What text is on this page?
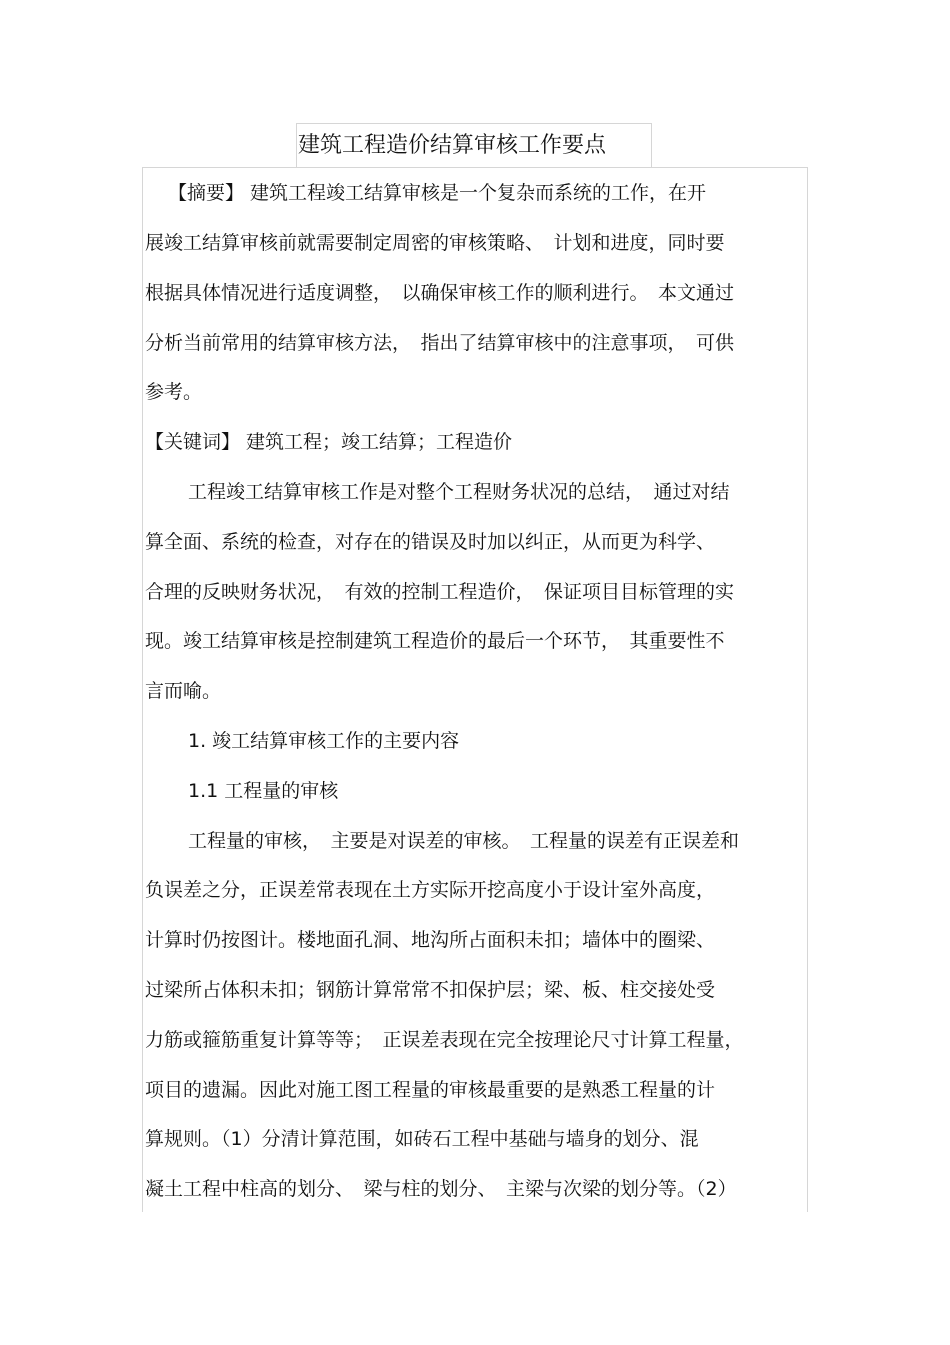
建筑工程造价结算审核工作要点
【摘要】 建筑工程竣工结算审核是一个复杂而系统的工作，在开
展竣工结算审核前就需要制定周密的审核策略、　计划和进度，同时要
根据具体情况进行适度调整，　以确保审核工作的顺利进行。　本文通过
分析当前常用的结算审核方法，　指出了结算审核中的注意事项，　可供
参考。
【关键词】 建筑工程；竣工结算；工程造价
工程竣工结算审核工作是对整个工程财务状况的总结，　通过对结
算全面、系统的检查，对存在的错误及时加以纠正，从而更为科学、
合理的反映财务状况，　有效的控制工程造价，　保证项目目标管理的实
现。竣工结算审核是控制建筑工程造价的最后一个环节，　其重要性不
言而喻。
1. 竣工结算审核工作的主要内容
1.1 工程量的审核
工程量的审核，　主要是对误差的审核。　工程量的误差有正误差和
负误差之分，正误差常表现在土方实际开挖高度小于设计室外高度，
计算时仍按图计。楼地面孔洞、地沟所占面积未扣；墙体中的圈梁、
过梁所占体积未扣；钢筋计算常常不扣保护层；梁、板、柱交接处受
力筋或箍筋重复计算等等；　正误差表现在完全按理论尺寸计算工程量，
项目的遗漏。因此对施工图工程量的审核最重要的是熟悉工程量的计
算规则。（1）分清计算范围，如砖石工程中基础与墙身的划分、混
凝土工程中柱高的划分、　梁与柱的划分、　主梁与次梁的划分等。（2）
